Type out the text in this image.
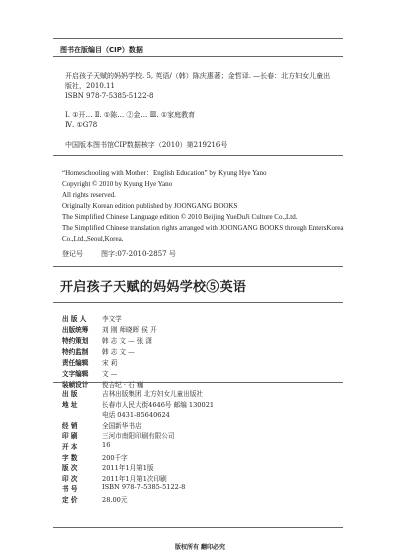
图书在版编目（CIP）数据
开启孩子天赋的妈妈学校. 5, 英语/（韩）陈庆惠著；金哲译. —长春：北方妇女儿童出
版社，2010.11
ISBN 978-7-5385-5122-8
Ⅰ. ①开… Ⅱ. ①陈… ②金… Ⅲ. ①家庭教育
Ⅳ. ①G78
中国版本图书馆CIP数据核字（2010）第219216号
“Homeschooling with Mother：English Education” by Kyung Hye Yano
Copyright © 2010 by Kyung Hye Yano
All rights reserved.
Originally Korean edition published by JOONGANG BOOKS
The Simplified Chinese Language edition © 2010 Beijing YueDuJi Culture Co.,Ltd.
The Simplified Chinese translation rights arranged with JOONGANG BOOKS through EntersKorea
Co.,Ltd.,Seoul,Korea.
登记号	图字:07-2010-2857 号
开启孩子天赋的妈妈学校⑤英语
出 版 人	李文学
出版统筹	刘 刚 师晓晖 侯 开
特约策划	韩 志 文 — 张 潇
特约监制	韩 志 文 —
责任编辑	宋 莉
文字编辑	文 —
装帧设计	倪吉纪 · 石 巍
出 版	吉林出版集团 北方妇女儿童出版社
地 址	长春市人民大街4646号 邮编 130021
电话 0431-85640624
经 销	全国新华书店
印 刷	三河市南阳印刷有限公司
开 本	16
字 数	200千字
版 次	2011年1月第1版
印 次	2011年1月第1次印刷
书 号	ISBN 978-7-5385-5122-8
定 价	28.00元
版权所有 翻印必究
